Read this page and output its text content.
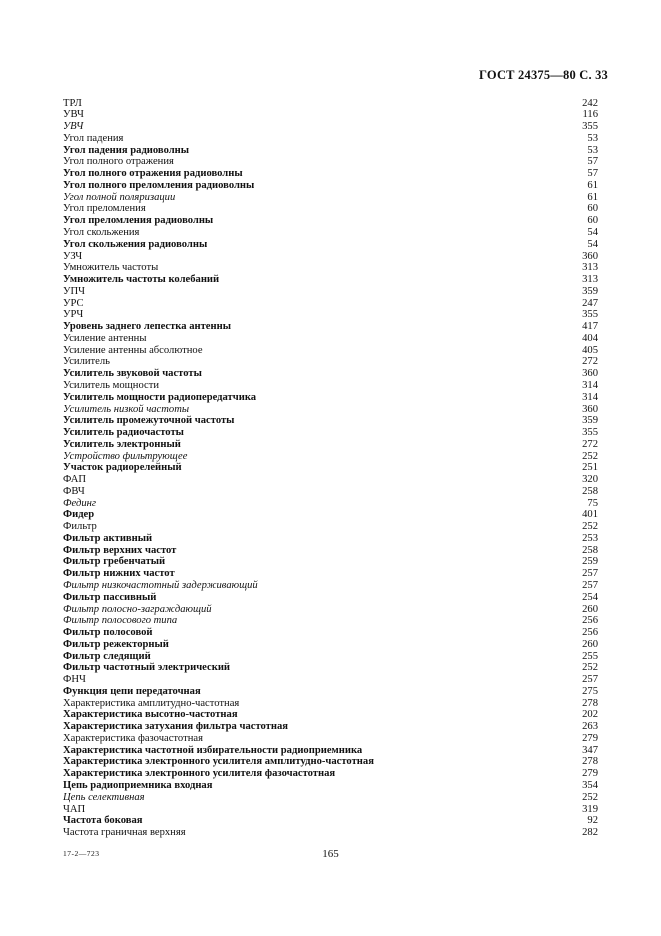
ГОСТ 24375—80 С. 33
ТРЛ	242
УВЧ	116
УВЧ	355
Угол падения	53
Угол падения радиоволны	53
Угол полного отражения	57
Угол полного отражения радиоволны	57
Угол полного преломления радиоволны	61
Угол полной поляризации	61
Угол преломления	60
Угол преломления радиоволны	60
Угол скольжения	54
Угол скольжения радиоволны	54
УЗЧ	360
Умножитель частоты	313
Умножитель частоты колебаний	313
УПЧ	359
УРС	247
УРЧ	355
Уровень заднего лепестка антенны	417
Усиление антенны	404
Усиление антенны абсолютное	405
Усилитель	272
Усилитель звуковой частоты	360
Усилитель мощности	314
Усилитель мощности радиопередатчика	314
Усилитель низкой частоты	360
Усилитель промежуточной частоты	359
Усилитель радиочастоты	355
Усилитель электронный	272
Устройство фильтрующее	252
Участок радиорелейный	251
ФАП	320
ФВЧ	258
Фединг	75
Фидер	401
Фильтр	252
Фильтр активный	253
Фильтр верхних частот	258
Фильтр гребенчатый	259
Фильтр нижних частот	257
Фильтр низкочастотный задерживающий	257
Фильтр пассивный	254
Фильтр полосно-заграждающий	260
Фильтр полосового типа	256
Фильтр полосовой	256
Фильтр режекторный	260
Фильтр следящий	255
Фильтр частотный электрический	252
ФНЧ	257
Функция цепи передаточная	275
Характеристика амплитудно-частотная	278
Характеристика высотно-частотная	202
Характеристика затухания фильтра частотная	263
Характеристика фазочастотная	279
Характеристика частотной избирательности радиоприемника	347
Характеристика электронного усилителя амплитудно-частотная	278
Характеристика электронного усилителя фазочастотная	279
Цепь радиоприемника входная	354
Цепь селективная	252
ЧАП	319
Частота боковая	92
Частота граничная верхняя	282
17-2—723	165
